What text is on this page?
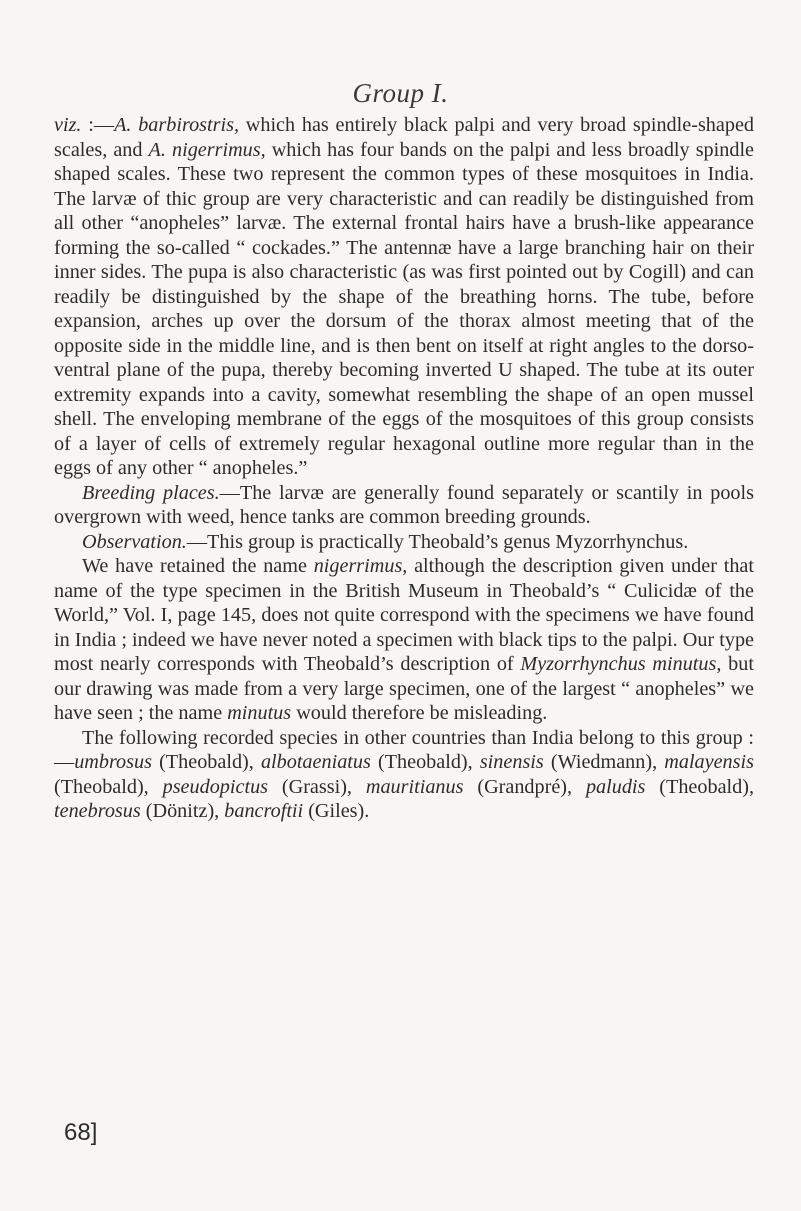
Group I.

viz. :—A. barbirostris, which has entirely black palpi and very broad spindle-shaped scales, and A. nigerrimus, which has four bands on the palpi and less broadly spindle shaped scales. These two represent the common types of these mosquitoes in India. The larvæ of thic group are very characteristic and can readily be distinguished from all other “anopheles” larvæ. The external frontal hairs have a brush-like appearance forming the so-called “ cockades.” The antennæ have a large branching hair on their inner sides. The pupa is also characteristic (as was first pointed out by Cogill) and can readily be distinguished by the shape of the breathing horns. The tube, before expansion, arches up over the dorsum of the thorax almost meeting that of the opposite side in the middle line, and is then bent on itself at right angles to the dorso-ventral plane of the pupa, thereby becoming inverted U shaped. The tube at its outer extremity expands into a cavity, somewhat resembling the shape of an open mussel shell. The enveloping membrane of the eggs of the mosquitoes of this group consists of a layer of cells of extremely regular hexagonal outline more regular than in the eggs of any other “ anopheles.”

Breeding places.—The larvæ are generally found separately or scantily in pools overgrown with weed, hence tanks are common breeding grounds.

Observation.—This group is practically Theobald’s genus Myzorrhynchus.

We have retained the name nigerrimus, although the description given under that name of the type specimen in the British Museum in Theobald’s “ Culicidæ of the World,” Vol. I, page 145, does not quite correspond with the specimens we have found in India ; indeed we have never noted a specimen with black tips to the palpi. Our type most nearly corresponds with Theobald’s description of Myzorrhynchus minutus, but our drawing was made from a very large specimen, one of the largest “ anopheles” we have seen ; the name minutus would therefore be misleading.

The following recorded species in other countries than India belong to this group :—umbrosus (Theobald), albotaeniatus (Theobald), sinensis (Wiedmann), malayensis (Theobald), pseudopictus (Grassi), mauritianus (Grandpré), paludis (Theobald), tenebrosus (Dönitz), bancroftii (Giles).

68]
